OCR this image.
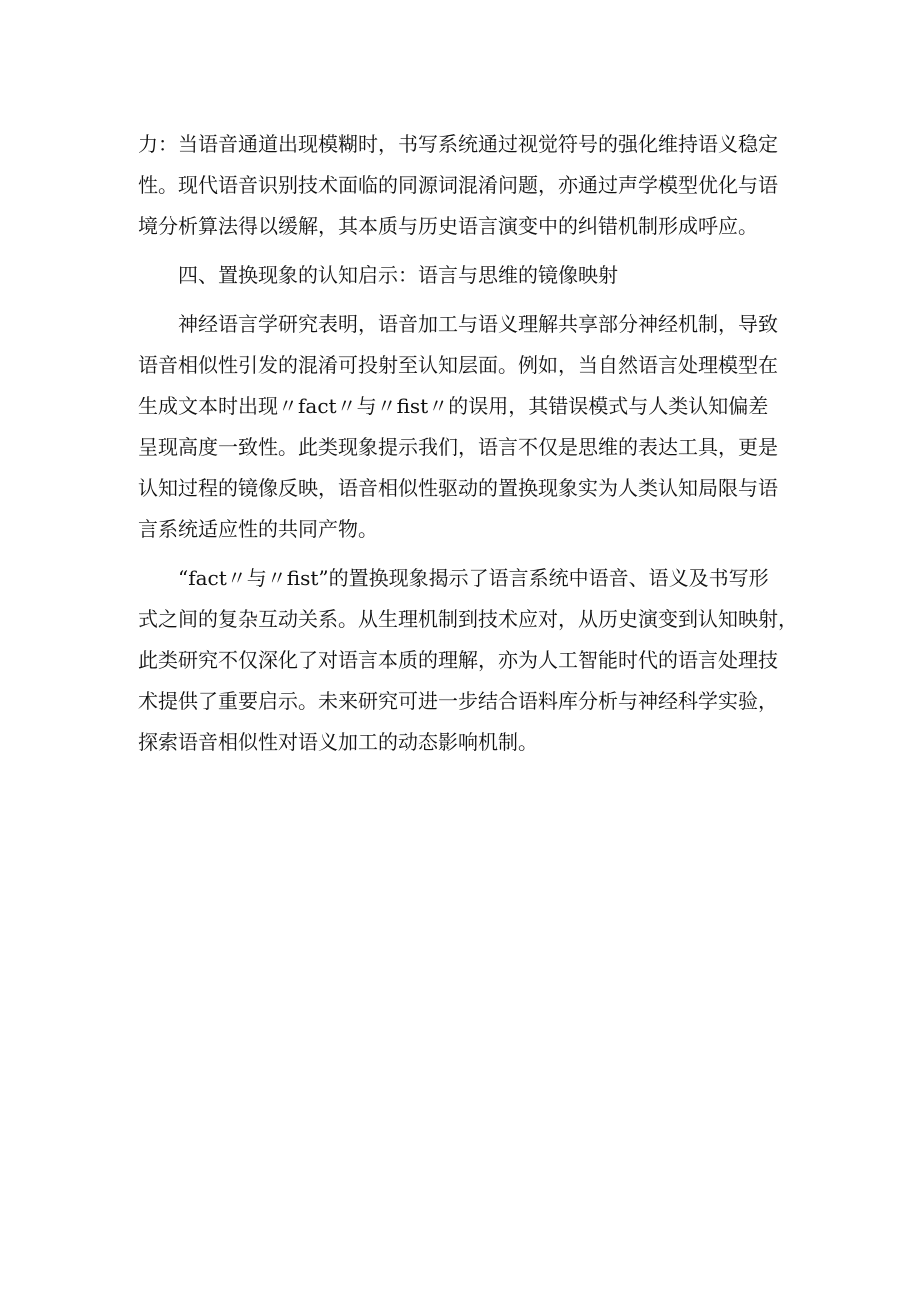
力：当语音通道出现模糊时，书写系统通过视觉符号的强化维持语义稳定
性。现代语音识别技术面临的同源词混淆问题，亦通过声学模型优化与语
境分析算法得以缓解，其本质与历史语言演变中的纠错机制形成呼应。

四、置换现象的认知启示：语言与思维的镜像映射

神经语言学研究表明，语音加工与语义理解共享部分神经机制，导致
语音相似性引发的混淆可投射至认知层面。例如，当自然语言处理模型在
生成文本时出现〃fact〃与〃fist〃的误用，其错误模式与人类认知偏差
呈现高度一致性。此类现象提示我们，语言不仅是思维的表达工具，更是
认知过程的镜像反映，语音相似性驱动的置换现象实为人类认知局限与语
言系统适应性的共同产物。

“fact〃与〃fist”的置换现象揭示了语言系统中语音、语义及书写形
式之间的复杂互动关系。从生理机制到技术应对，从历史演变到认知映射，
此类研究不仅深化了对语言本质的理解，亦为人工智能时代的语言处理技
术提供了重要启示。未来研究可进一步结合语料库分析与神经科学实验，
探索语音相似性对语义加工的动态影响机制。
